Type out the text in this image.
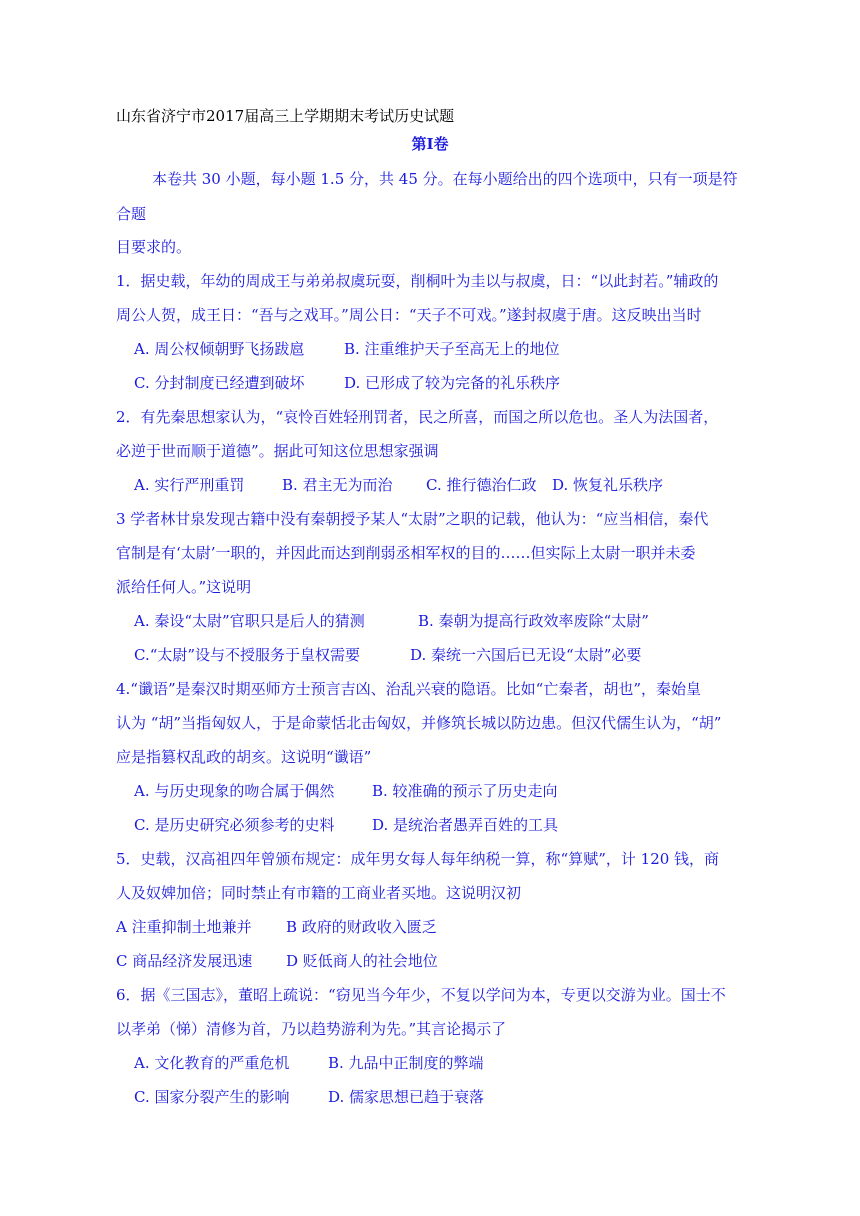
山东省济宁市2017届高三上学期期末考试历史试题
第Ⅰ卷
本卷共 30 小题，每小题 1.5 分，共 45 分。在每小题给出的四个选项中，只有一项是符
合题
目要求的。
1．据史载，年幼的周成王与弟弟叔虞玩耍，削桐叶为圭以与叔虞，日：“以此封若。”辅政的
周公人贺，成王日：“吾与之戏耳。”周公日：“天子不可戏。”遂封叔虞于唐。这反映出当时
A. 周公权倾朝野飞扬跋扈	B. 注重维护天子至高无上的地位
C. 分封制度已经遭到破坏	D. 已形成了较为完备的礼乐秩序
2．有先秦思想家认为，“哀怜百姓轻刑罚者，民之所喜，而国之所以危也。圣人为法国者，
必逆于世而顺于道德”。据此可知这位思想家强调
A. 实行严刑重罚	B. 君主无为而治 C. 推行德治仁政 D. 恢复礼乐秩序
3 学者林甘泉发现古籍中没有秦朝授予某人“太尉”之职的记载，他认为：“应当相信，秦代
官制是有‘太尉’一职的，并因此而达到削弱丞相军权的目的……但实际上太尉一职并未委
派给任何人。”这说明
A. 秦设“太尉”官职只是后人的猜测	B. 秦朝为提高行政效率废除“太尉”
C.“太尉”设与不授服务于皇权需要	D. 秦统一六国后已无设“太尉”必要
4.“谶语”是秦汉时期巫师方士预言吉凶、治乱兴衰的隐语。比如“亡秦者，胡也”，秦始皇
认为 “胡”当指匈奴人，于是命蒙恬北击匈奴，并修筑长城以防边患。但汉代儒生认为，“胡”
应是指篡权乱政的胡亥。这说明“谶语”
A. 与历史现象的吻合属于偶然	B. 较准确的预示了历史走向
C. 是历史研究必须参考的史料	D. 是统治者愚弄百姓的工具
5．史载，汉高祖四年曾颁布规定：成年男女每人每年纳税一算，称“算赋”，计 120 钱，商
人及奴婢加倍；同时禁止有市籍的工商业者买地。这说明汉初
A 注重抑制土地兼并 B 政府的财政收入匮乏
C 商品经济发展迅速 D 贬低商人的社会地位
6．据《三国志》，董昭上疏说：“窃见当今年少，不复以学问为本，专更以交游为业。国士不
以孝弟（悌）清修为首，乃以趋势游利为先。”其言论揭示了
A. 文化教育的严重危机	B. 九品中正制度的弊端
C. 国家分裂产生的影响	D. 儒家思想已趋于衰落
